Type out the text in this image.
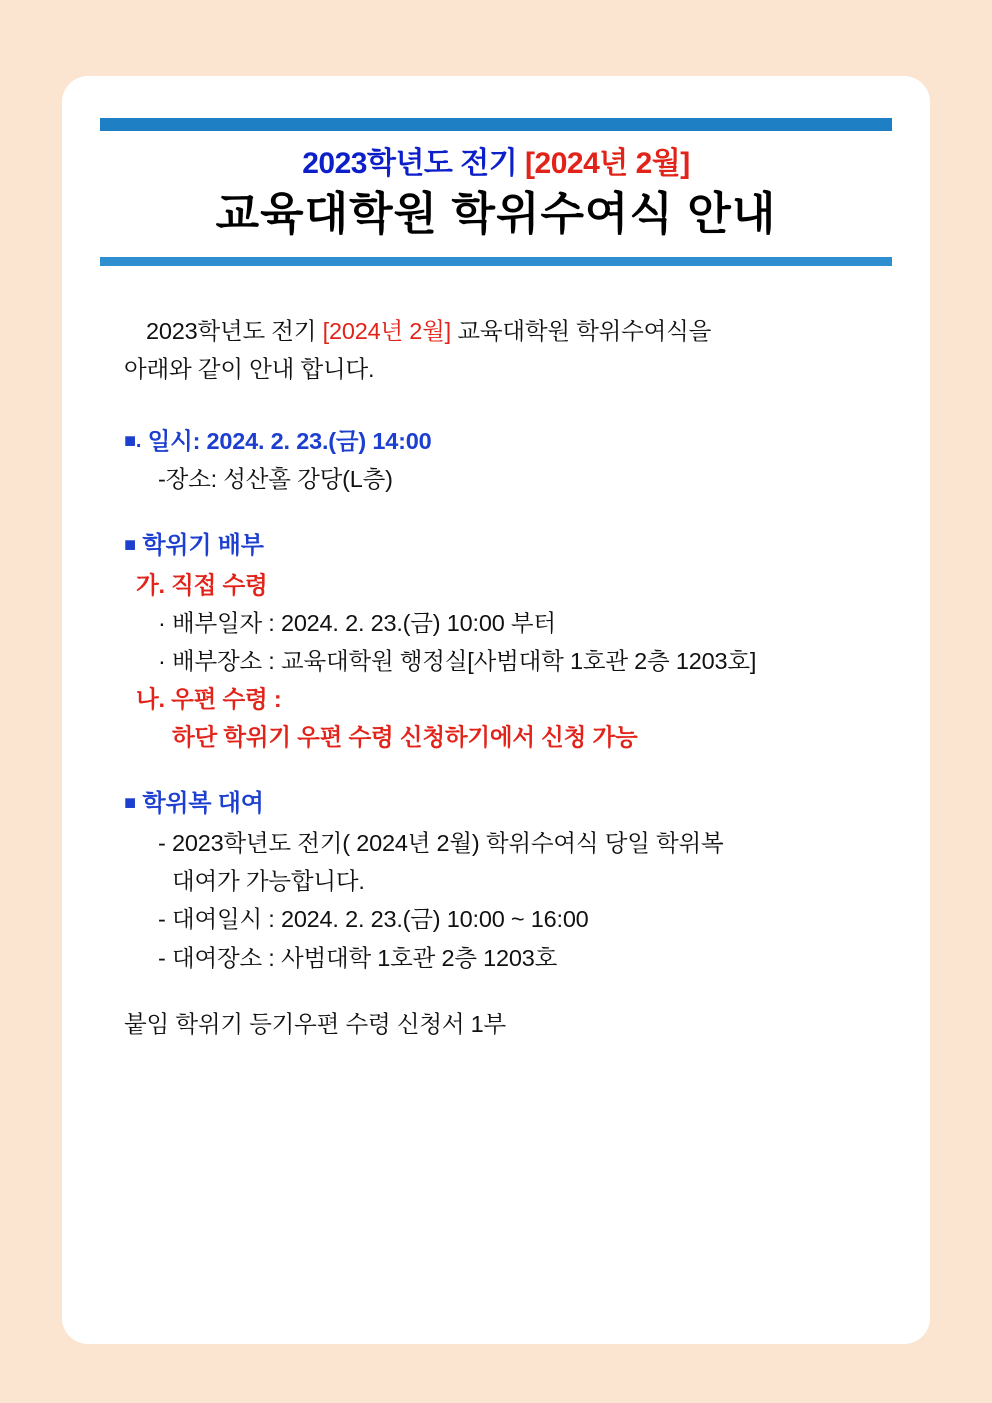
2023학년도 전기 [2024년 2월]
교육대학원 학위수여식 안내
2023학년도 전기 [2024년 2월] 교육대학원 학위수여식을
아래와 같이 안내 합니다.
■. 일시: 2024. 2. 23.(금) 14:00
-장소: 성산홀 강당(L층)
■ 학위기 배부
가. 직접 수령
· 배부일자 : 2024. 2. 23.(금) 10:00 부터
· 배부장소 : 교육대학원 행정실[사범대학 1호관 2층 1203호]
나. 우편 수령 :
하단 학위기 우편 수령 신청하기에서 신청 가능
■ 학위복 대여
- 2023학년도 전기( 2024년 2월) 학위수여식 당일 학위복
대여가 가능합니다.
- 대여일시 : 2024. 2. 23.(금) 10:00 ~ 16:00
- 대여장소 : 사범대학 1호관 2층 1203호
붙임 학위기 등기우편 수령 신청서 1부
